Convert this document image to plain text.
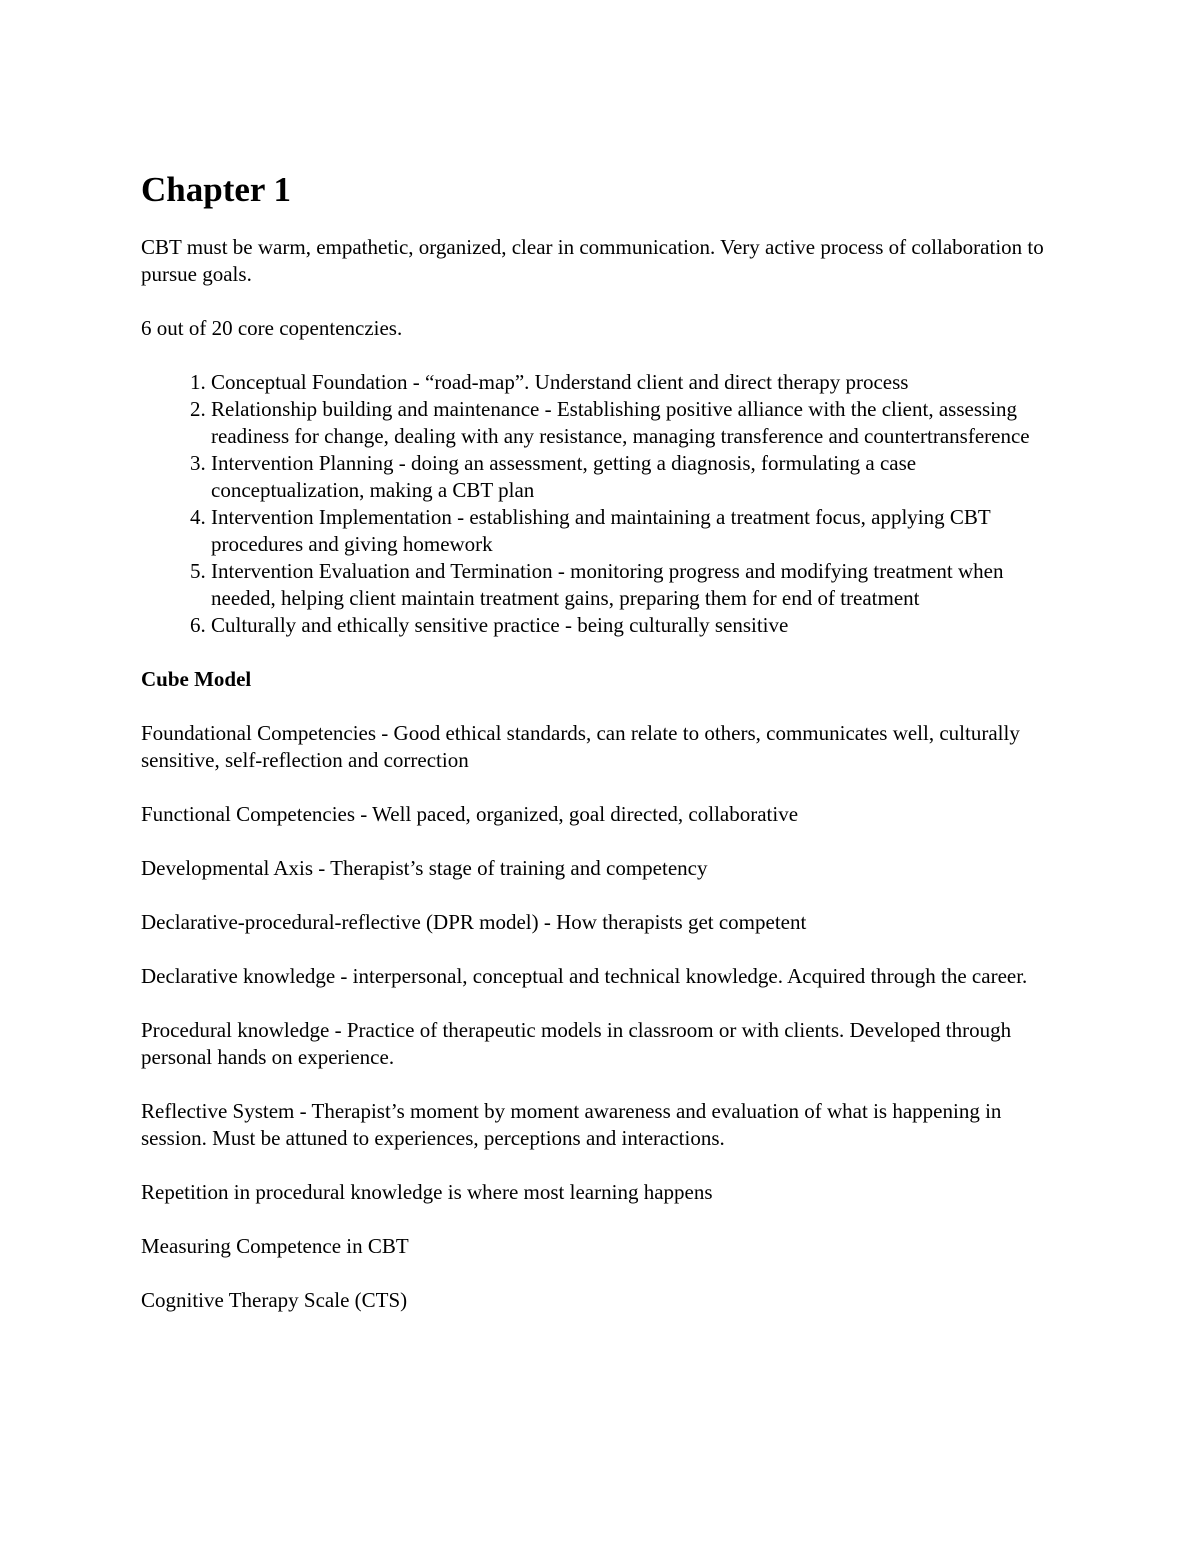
Chapter 1

CBT must be warm, empathetic, organized, clear in communication. Very active process of collaboration to pursue goals.

6 out of 20 core copentenczies.

1. Conceptual Foundation - “road-map”. Understand client and direct therapy process
2. Relationship building and maintenance - Establishing positive alliance with the client, assessing readiness for change, dealing with any resistance, managing transference and countertransference
3. Intervention Planning - doing an assessment, getting a diagnosis, formulating a case conceptualization, making a CBT plan
4. Intervention Implementation - establishing and maintaining a treatment focus, applying CBT procedures and giving homework
5. Intervention Evaluation and Termination - monitoring progress and modifying treatment when needed, helping client maintain treatment gains, preparing them for end of treatment
6. Culturally and ethically sensitive practice - being culturally sensitive

Cube Model

Foundational Competencies - Good ethical standards, can relate to others, communicates well, culturally sensitive, self-reflection and correction

Functional Competencies - Well paced, organized, goal directed, collaborative

Developmental Axis - Therapist’s stage of training and competency

Declarative-procedural-reflective (DPR model) - How therapists get competent

Declarative knowledge - interpersonal, conceptual and technical knowledge. Acquired through the career.

Procedural knowledge - Practice of therapeutic models in classroom or with clients. Developed through personal hands on experience.

Reflective System - Therapist’s moment by moment awareness and evaluation of what is happening in session. Must be attuned to experiences, perceptions and interactions.

Repetition in procedural knowledge is where most learning happens

Measuring Competence in CBT

Cognitive Therapy Scale (CTS)
